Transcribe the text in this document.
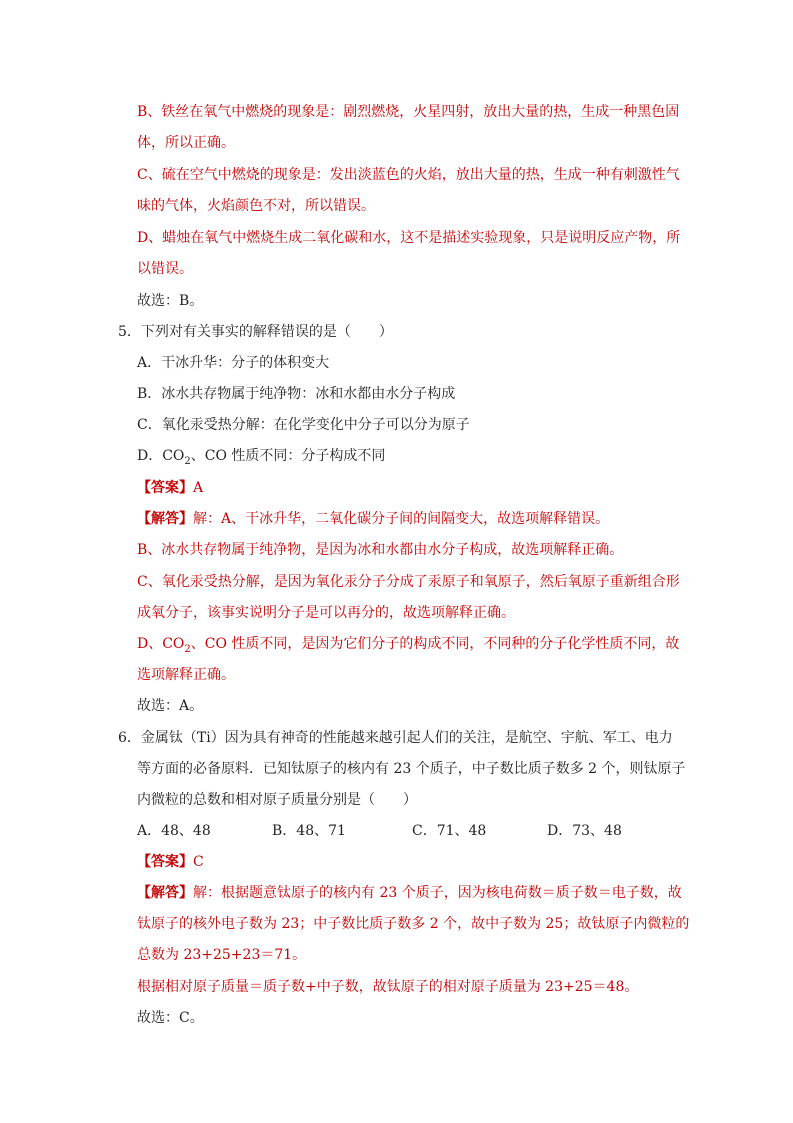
B、铁丝在氧气中燃烧的现象是：剧烈燃烧，火星四射，放出大量的热，生成一种黑色固
体，所以正确。
C、硫在空气中燃烧的现象是：发出淡蓝色的火焰，放出大量的热，生成一种有刺激性气
味的气体，火焰颜色不对，所以错误。
D、蜡烛在氧气中燃烧生成二氧化碳和水，这不是描述实验现象，只是说明反应产物，所
以错误。
故选：B。
5．下列对有关事实的解释错误的是（　　）
A．干冰升华：分子的体积变大
B．冰水共存物属于纯净物：冰和水都由水分子构成
C．氧化汞受热分解：在化学变化中分子可以分为原子
D．$CO_2$、CO 性质不同：分子构成不同
【答案】A
【解答】解：A、干冰升华，二氧化碳分子间的间隔变大，故选项解释错误。
B、冰水共存物属于纯净物，是因为冰和水都由水分子构成，故选项解释正确。
C、氧化汞受热分解，是因为氧化汞分子分成了汞原子和氧原子，然后氧原子重新组合形
成氧分子，该事实说明分子是可以再分的，故选项解释正确。
D、$CO_2$、CO 性质不同，是因为它们分子的构成不同，不同种的分子化学性质不同，故
选项解释正确。
故选：A。
6．金属钛（Ti）因为具有神奇的性能越来越引起人们的关注，是航空、宇航、军工、电力
等方面的必备原料．已知钛原子的核内有 23 个质子，中子数比质子数多 2 个，则钛原子
内微粒的总数和相对原子质量分别是（　　）
A．48、48	B．48、71	C．71、48	D．73、48
【答案】C
【解答】解：根据题意钛原子的核内有 23 个质子，因为核电荷数＝质子数＝电子数，故
钛原子的核外电子数为 23；中子数比质子数多 2 个，故中子数为 25；故钛原子内微粒的
总数为 23+25+23＝71。
根据相对原子质量＝质子数+中子数，故钛原子的相对原子质量为 23+25＝48。
故选：C。
